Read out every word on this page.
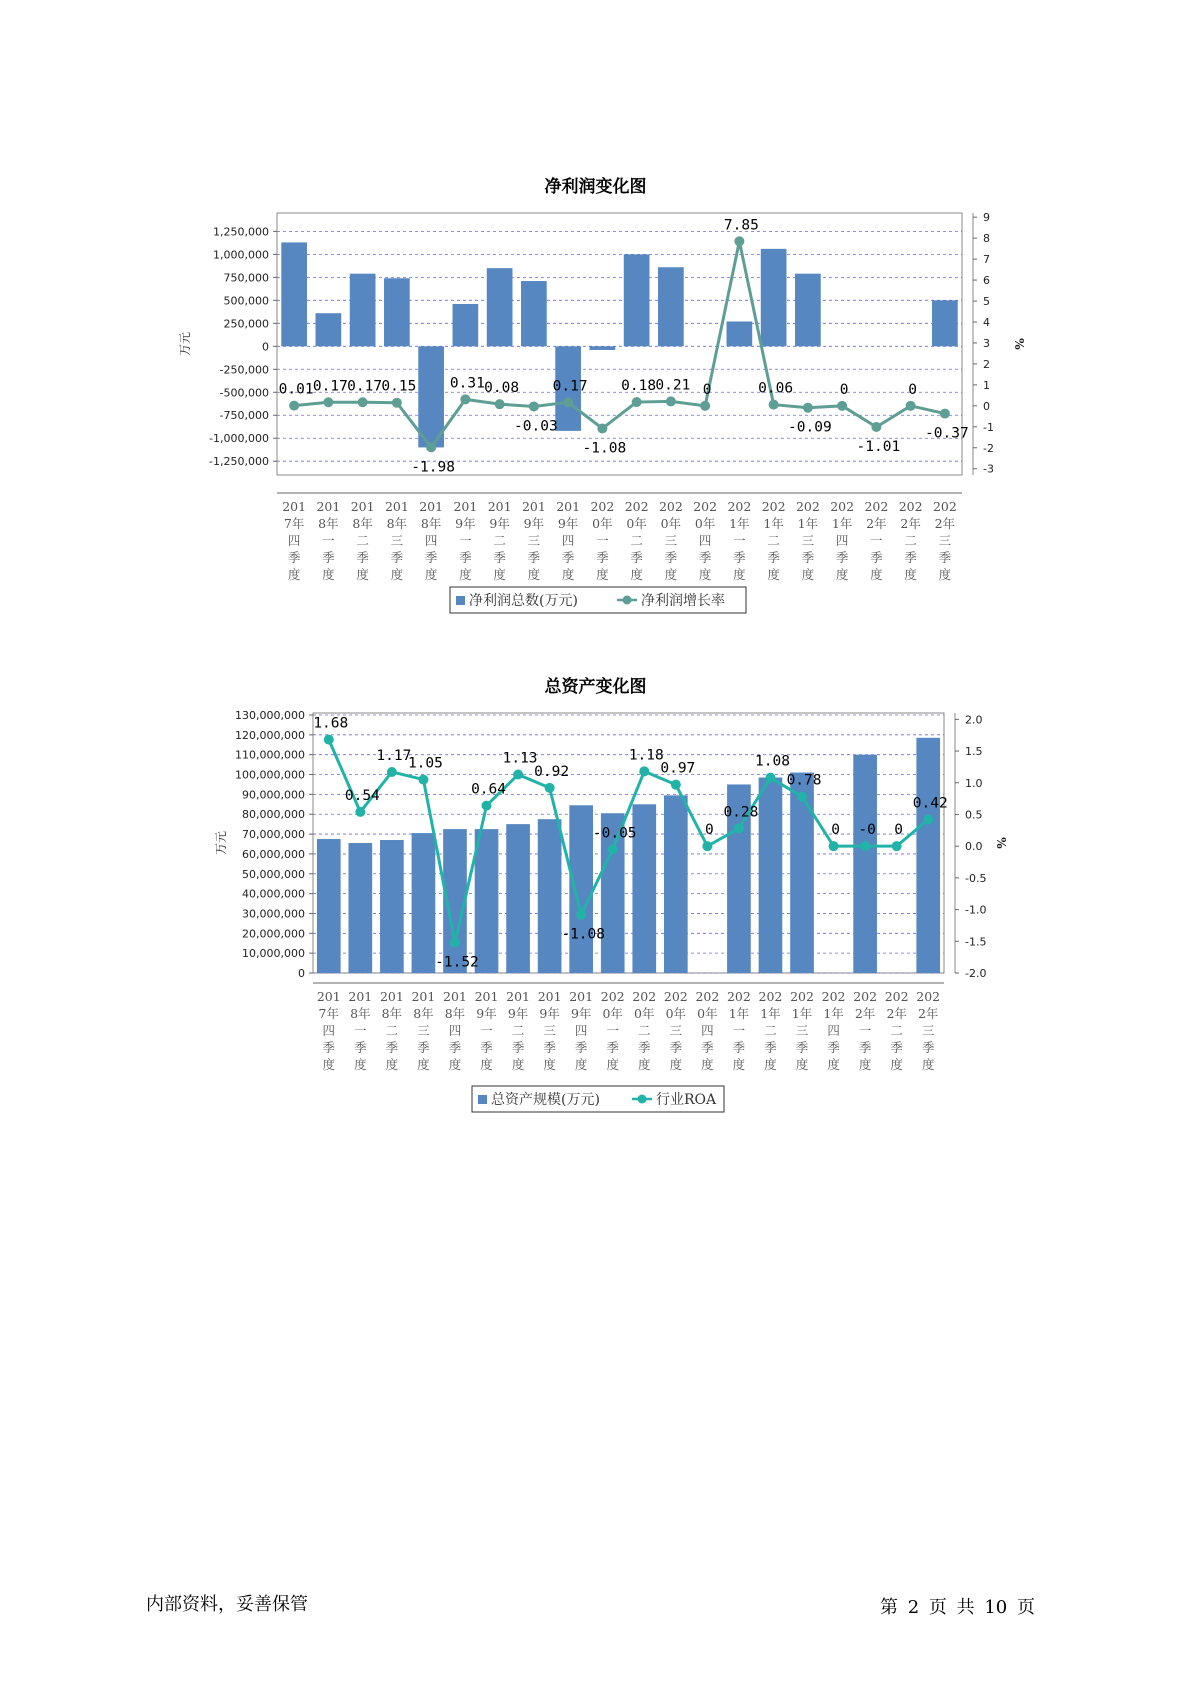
净利润变化图
-1,250,000
-1,000,000
-750,000
-500,000
-250,000
0
250,000
500,000
750,000
1,000,000
1,250,000
-3
-2
-1
0
1
2
3
4
5
6
7
8
9
万元	%
0.01 0.17 0.17 0.15
-1.98
0.31 0.08
-0.03
0.17
-1.08
0.18 0.21 0
7.85
0.06
-0.09
0
-1.01
0
-0.37
201 7年四季度
201 8年一季度
201 8年二季度
201 8年三季度
201 8年四季度
201 9年一季度
201 9年二季度
201 9年三季度
201 9年四季度
202 0年一季度
202 0年二季度
202 0年三季度
202 0年四季度
202 1年一季度
202 1年二季度
202 1年三季度
202 1年四季度
202 2年一季度
202 2年二季度
202 2年三季度
净利润总数(万元)	净利润增长率
总资产变化图
0
10,000,000
20,000,000
30,000,000
40,000,000
50,000,000
60,000,000
70,000,000
80,000,000
90,000,000
100,000,000
110,000,000
120,000,000
130,000,000
-2.0
-1.5
-1.0
-0.5
0.0
0.5
1.0
1.5
2.0
万元	%
1.68
0.54
1.17
1.05
-1.52
0.64
1.13
0.92
-1.08
-0.05
1.18
0.97
0
0.28
1.08
0.78
0 -0 0
0.42
201 7年四季度
201 8年一季度
201 8年二季度
201 8年三季度
201 8年四季度
201 9年一季度
201 9年二季度
201 9年三季度
201 9年四季度
202 0年一季度
202 0年二季度
202 0年三季度
202 0年四季度
202 1年一季度
202 1年二季度
202 1年三季度
202 1年四季度
202 2年一季度
202 2年二季度
202 2年三季度
总资产规模(万元)	行业ROA
内部资料，妥善保管	第 2 页 共 10 页
